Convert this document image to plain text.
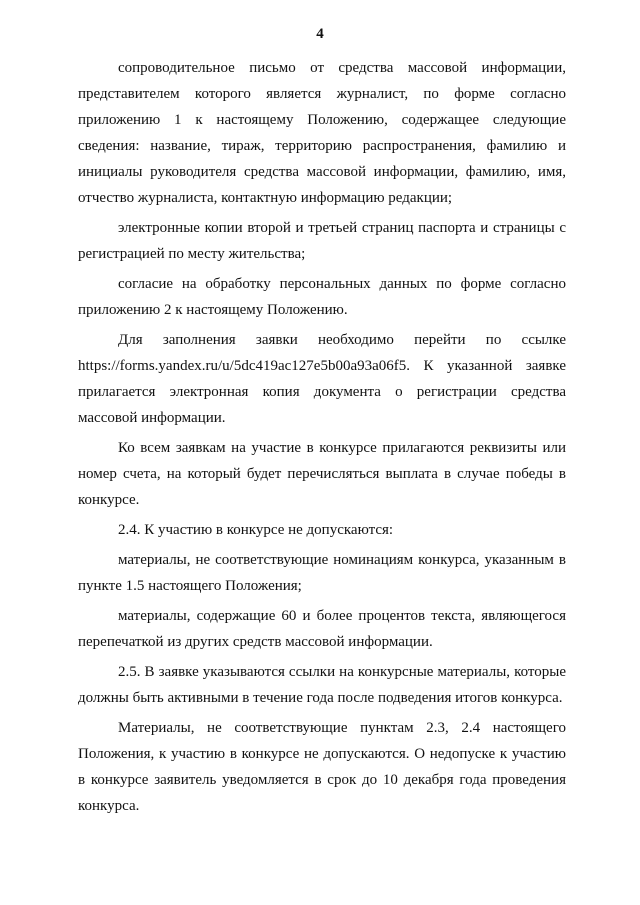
4

сопроводительное письмо от средства массовой информации, представителем которого является журналист, по форме согласно приложению 1 к настоящему Положению, содержащее следующие сведения: название, тираж, территорию распространения, фамилию и инициалы руководителя средства массовой информации, фамилию, имя, отчество журналиста, контактную информацию редакции;

электронные копии второй и третьей страниц паспорта и страницы с регистрацией по месту жительства;

согласие на обработку персональных данных по форме согласно приложению 2 к настоящему Положению.

Для заполнения заявки необходимо перейти по ссылке https://forms.yandex.ru/u/5dc419ac127e5b00a93a06f5. К указанной заявке прилагается электронная копия документа о регистрации средства массовой информации.

Ко всем заявкам на участие в конкурсе прилагаются реквизиты или номер счета, на который будет перечисляться выплата в случае победы в конкурсе.

2.4. К участию в конкурсе не допускаются:

материалы, не соответствующие номинациям конкурса, указанным в пункте 1.5 настоящего Положения;

материалы, содержащие 60 и более процентов текста, являющегося перепечаткой из других средств массовой информации.

2.5. В заявке указываются ссылки на конкурсные материалы, которые должны быть активными в течение года после подведения итогов конкурса.

Материалы, не соответствующие пунктам 2.3, 2.4 настоящего Положения, к участию в конкурсе не допускаются. О недопуске к участию в конкурсе заявитель уведомляется в срок до 10 декабря года проведения конкурса.
